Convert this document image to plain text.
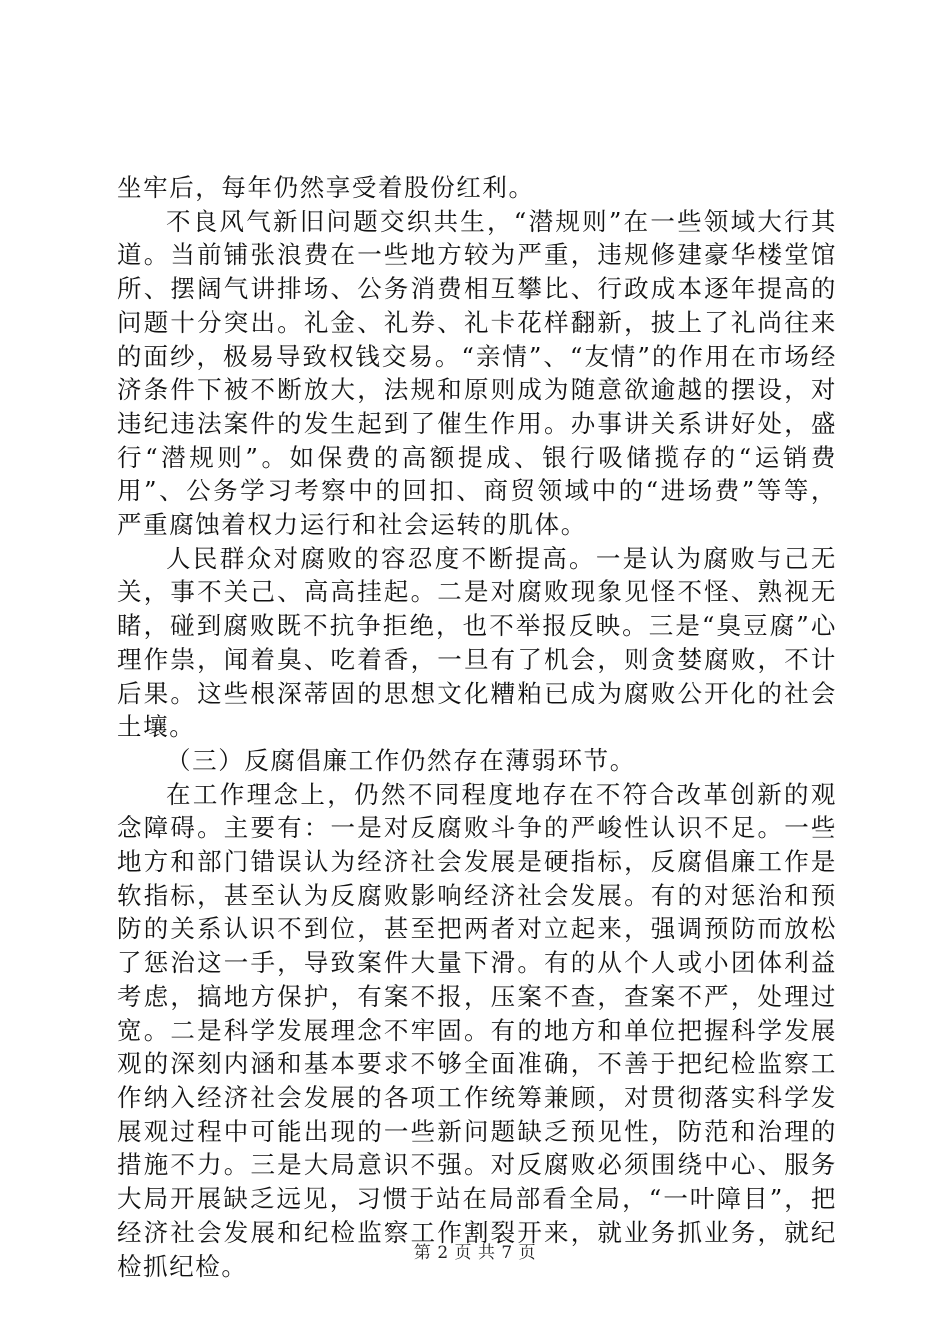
坐牢后，每年仍然享受着股份红利。

不良风气新旧问题交织共生，“潜规则”在一些领域大行其道。当前铺张浪费在一些地方较为严重，违规修建豪华楼堂馆所、摆阔气讲排场、公务消费相互攀比、行政成本逐年提高的问题十分突出。礼金、礼券、礼卡花样翻新，披上了礼尚往来的面纱，极易导致权钱交易。“亲情”、“友情”的作用在市场经济条件下被不断放大，法规和原则成为随意欲逾越的摆设，对违纪违法案件的发生起到了催生作用。办事讲关系讲好处，盛行“潜规则”。如保费的高额提成、银行吸储揽存的“运销费用”、公务学习考察中的回扣、商贸领域中的“进场费”等等，严重腐蚀着权力运行和社会运转的肌体。

人民群众对腐败的容忍度不断提高。一是认为腐败与己无关，事不关己、高高挂起。二是对腐败现象见怪不怪、熟视无睹，碰到腐败既不抗争拒绝，也不举报反映。三是“臭豆腐”心理作祟，闻着臭、吃着香，一旦有了机会，则贪婪腐败，不计后果。这些根深蒂固的思想文化糟粕已成为腐败公开化的社会土壤。

（三）反腐倡廉工作仍然存在薄弱环节。

在工作理念上，仍然不同程度地存在不符合改革创新的观念障碍。主要有：一是对反腐败斗争的严峻性认识不足。一些地方和部门错误认为经济社会发展是硬指标，反腐倡廉工作是软指标，甚至认为反腐败影响经济社会发展。有的对惩治和预防的关系认识不到位，甚至把两者对立起来，强调预防而放松了惩治这一手，导致案件大量下滑。有的从个人或小团体利益考虑，搞地方保护，有案不报，压案不查，查案不严，处理过宽。二是科学发展理念不牢固。有的地方和单位把握科学发展观的深刻内涵和基本要求不够全面准确，不善于把纪检监察工作纳入经济社会发展的各项工作统筹兼顾，对贯彻落实科学发展观过程中可能出现的一些新问题缺乏预见性，防范和治理的措施不力。三是大局意识不强。对反腐败必须围绕中心、服务大局开展缺乏远见，习惯于站在局部看全局，“一叶障目”，把经济社会发展和纪检监察工作割裂开来，就业务抓业务，就纪检抓纪检。	第 2 页 共 7 页
